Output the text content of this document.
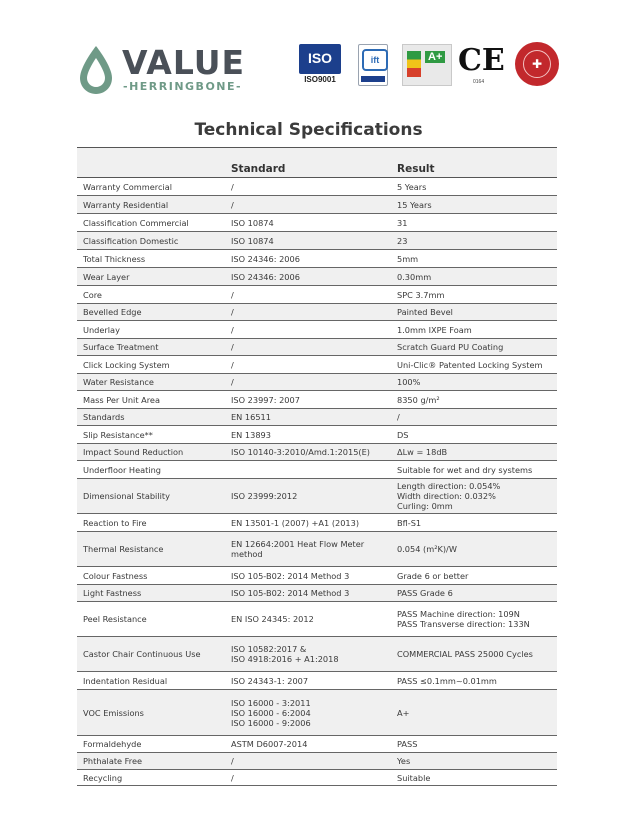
VALUE
-HERRINGBONE-
ISO
ISO9001
ift	A+ CE
0164
✚
Technical Specifications
	Standard	Result
Warranty Commercial	/	5 Years

Warranty Residential	/	15 Years

Classification Commercial	ISO 10874	31

Classification Domestic	ISO 10874	23

Total Thickness	ISO 24346: 2006	5mm

Wear Layer	ISO 24346: 2006	0.30mm

Core	/	SPC 3.7mm

Bevelled Edge	/	Painted Bevel

Underlay	/	1.0mm IXPE Foam

Surface Treatment	/	Scratch Guard PU Coating

Click Locking System	/	Uni-Clic® Patented Locking System

Water Resistance	/	100%

Mass Per Unit Area	ISO 23997: 2007	8350 g/m²

Standards	EN 16511	/

Slip Resistance**	EN 13893	DS

Impact Sound Reduction	ISO 10140-3:2010/Amd.1:2015(E)	ΔLw = 18dB

Underfloor Heating		Suitable for wet and dry systems

Dimensional Stability	ISO 23999:2012	Length direction: 0.054%
Width direction: 0.032%
Curling: 0mm

Reaction to Fire	EN 13501-1 (2007) +A1 (2013)	Bfl-S1

Thermal Resistance	EN 12664:2001 Heat Flow Meter
method	0.054 (m²K)/W

Colour Fastness	ISO 105-B02: 2014 Method 3	Grade 6 or better

Light Fastness	ISO 105-B02: 2014 Method 3	PASS Grade 6

Peel Resistance	EN ISO 24345: 2012	PASS Machine direction: 109N
PASS Transverse direction: 133N

Castor Chair Continuous Use	ISO 10582:2017 &
ISO 4918:2016 + A1:2018	COMMERCIAL PASS 25000 Cycles

Indentation Residual	ISO 24343-1: 2007	PASS ≤0.1mm~0.01mm

VOC Emissions	ISO 16000 - 3:2011
ISO 16000 - 6:2004
ISO 16000 - 9:2006	A+

Formaldehyde	ASTM D6007-2014	PASS

Phthalate Free	/	Yes

Recycling	/	Suitable
